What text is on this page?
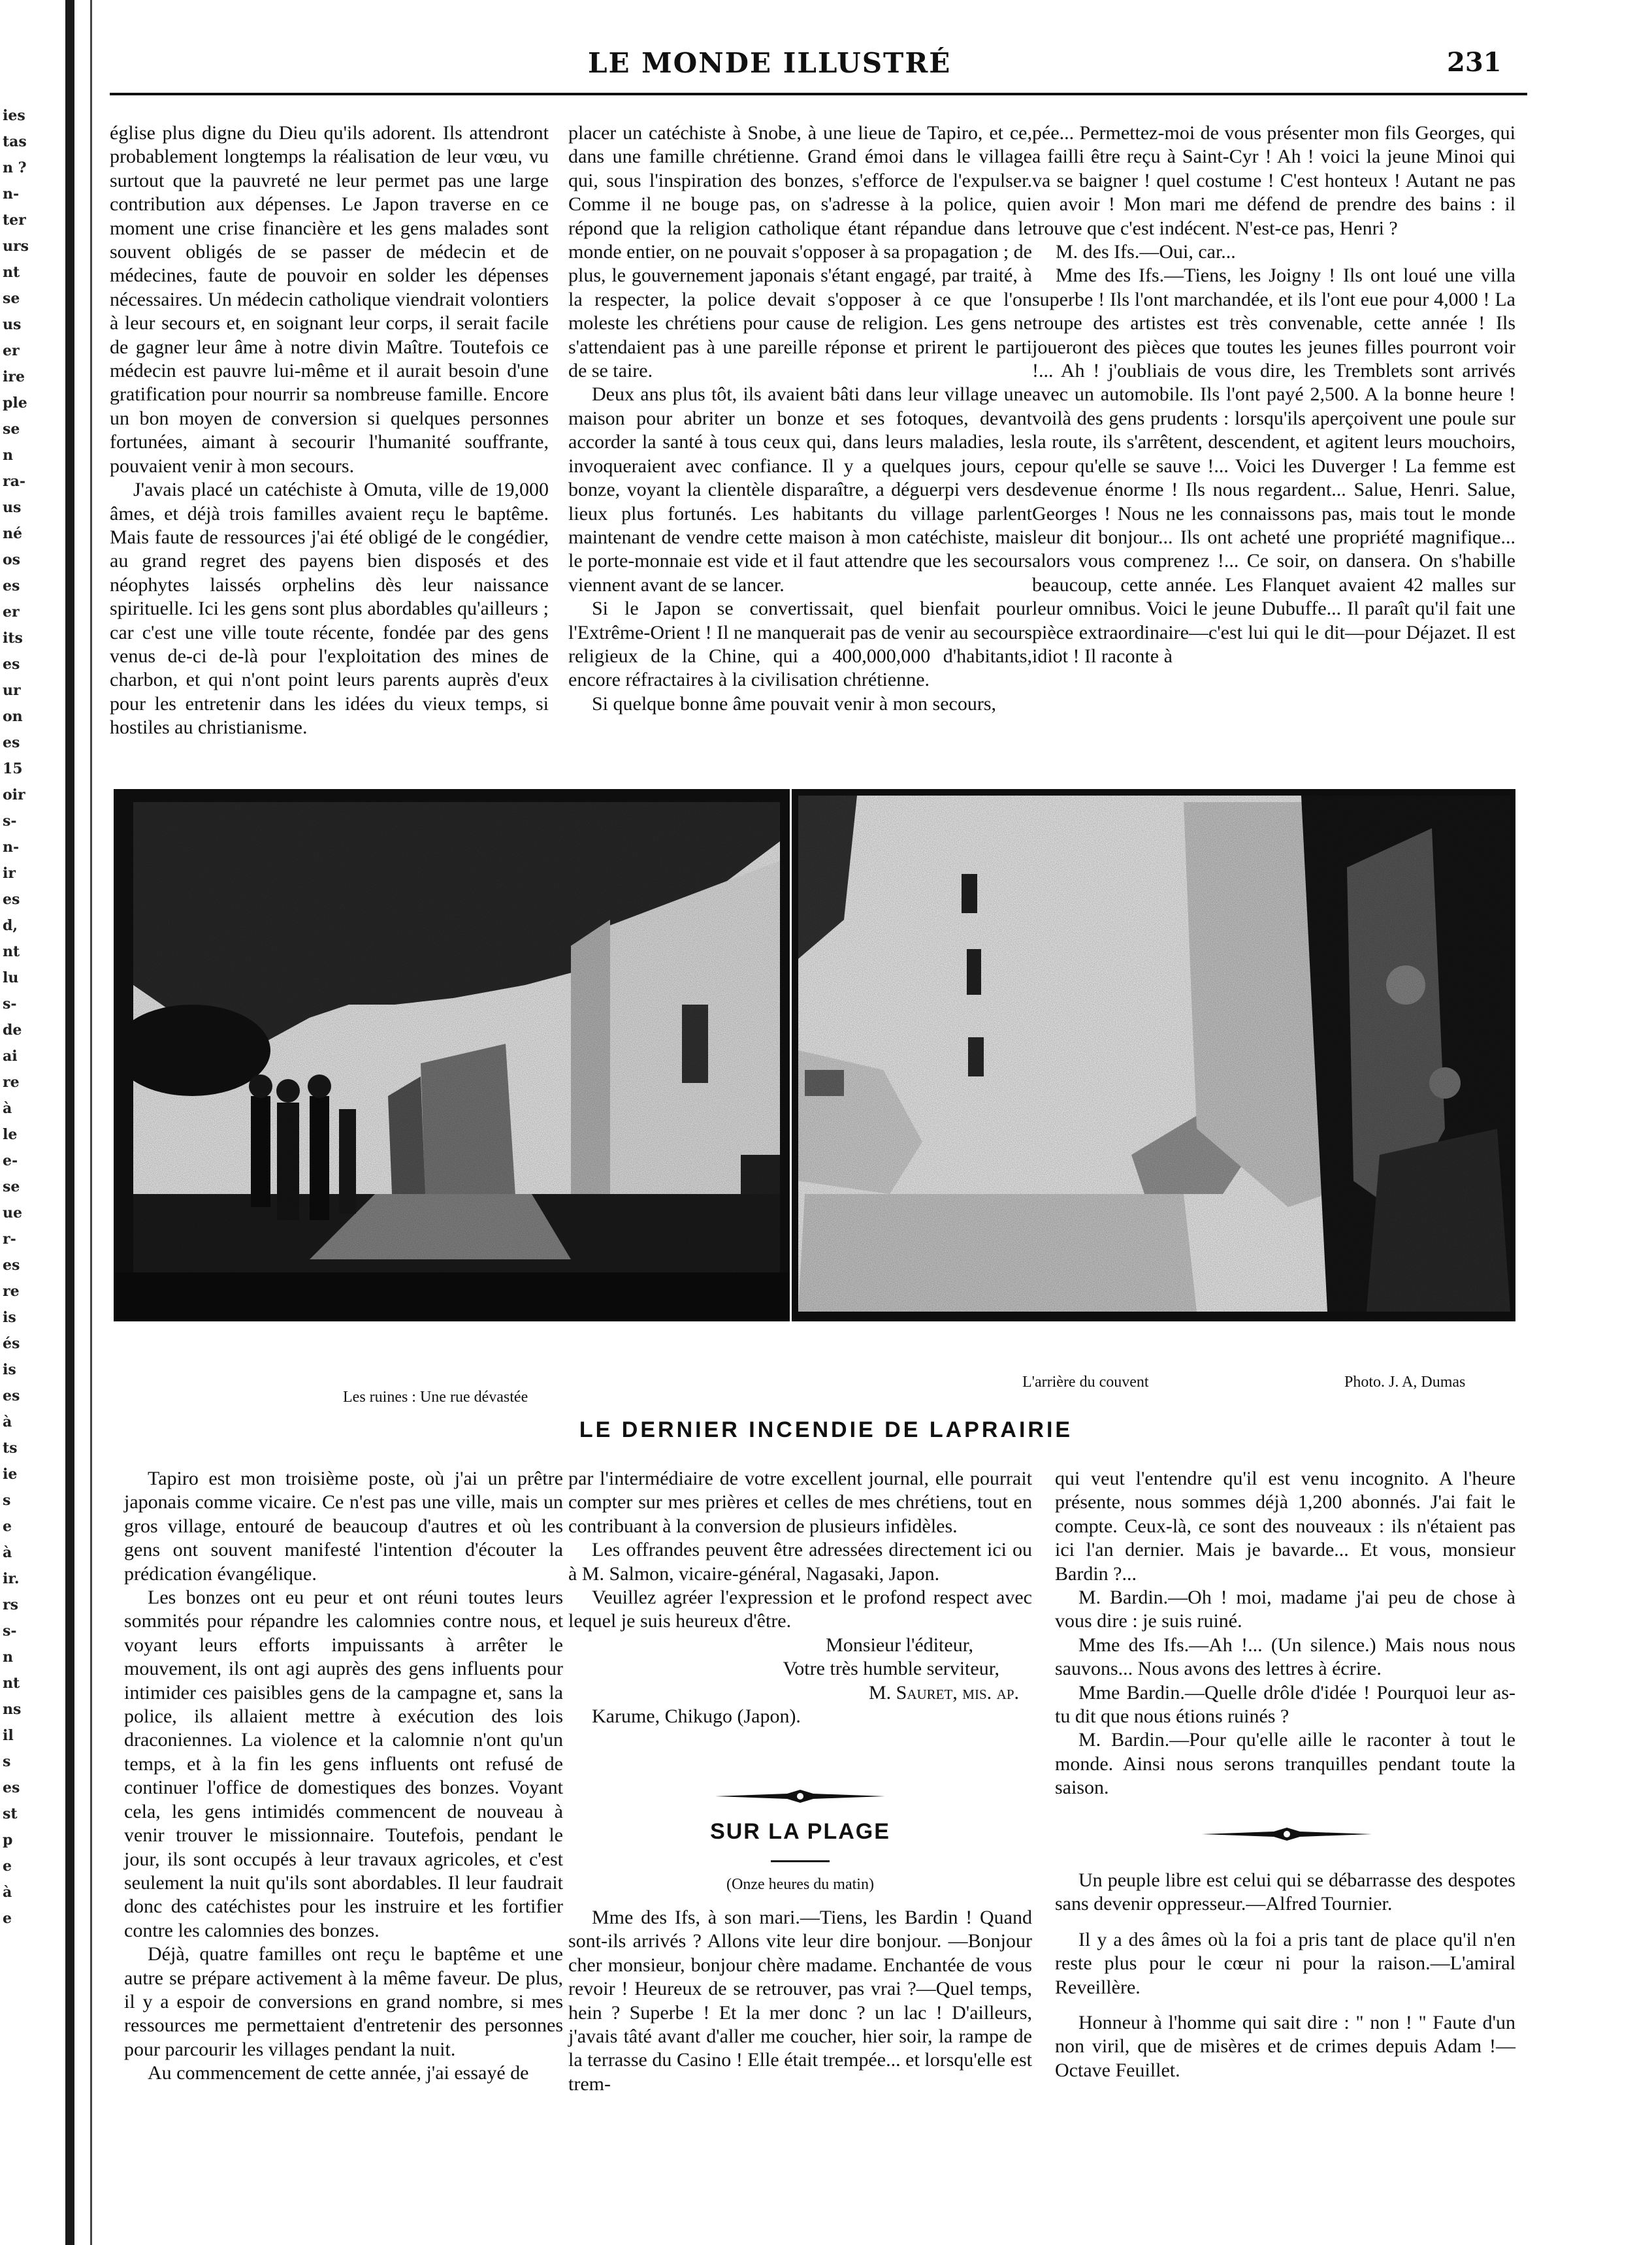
ies
tas
n ?
n-
ter
urs
nt
se
us
er
ire
ple
se
n
ra-
us
né
os
es
er
its
es
ur
on
es
15
oir
s-
n-
ir
es
d,
nt
lu
s-
de
ai
re
à
le
e-
se
ue
r-
es
re
is
és
is
es
à
ts
ie
s
e
à
ir.
rs
s-
n
nt
ns
il
s
es
st
p
e
à
e
LE MONDE ILLUSTRÉ	231

église plus digne du Dieu qu'ils adorent. Ils attendront probablement longtemps la réalisation de leur vœu, vu surtout que la pauvreté ne leur permet pas une large contribution aux dépenses. Le Japon traverse en ce moment une crise financière et les gens malades sont souvent obligés de se passer de médecin et de médecines, faute de pouvoir en solder les dépenses nécessaires. Un médecin catholique viendrait volontiers à leur secours et, en soignant leur corps, il serait facile de gagner leur âme à notre divin Maître. Toutefois ce médecin est pauvre lui-même et il aurait besoin d'une gratification pour nourrir sa nombreuse famille. Encore un bon moyen de conversion si quelques personnes fortunées, aimant à secourir l'humanité souffrante, pouvaient venir à mon secours.

J'avais placé un catéchiste à Omuta, ville de 19,000 âmes, et déjà trois familles avaient reçu le baptême. Mais faute de ressources j'ai été obligé de le congédier, au grand regret des payens bien disposés et des néophytes laissés orphelins dès leur naissance spirituelle. Ici les gens sont plus abordables qu'ailleurs ; car c'est une ville toute récente, fondée par des gens venus de-ci de-là pour l'exploitation des mines de charbon, et qui n'ont point leurs parents auprès d'eux pour les entretenir dans les idées du vieux temps, si hostiles au christianisme.

placer un catéchiste à Snobe, à une lieue de Tapiro, et ce, dans une famille chrétienne. Grand émoi dans le village qui, sous l'inspiration des bonzes, s'efforce de l'expulser. Comme il ne bouge pas, on s'adresse à la police, qui répond que la religion catholique étant répandue dans le monde entier, on ne pouvait s'opposer à sa propagation ; de plus, le gouvernement japonais s'étant engagé, par traité, à la respecter, la police devait s'opposer à ce que l'on moleste les chrétiens pour cause de religion. Les gens ne s'attendaient pas à une pareille réponse et prirent le parti de se taire.

Deux ans plus tôt, ils avaient bâti dans leur village une maison pour abriter un bonze et ses fotoques, devant accorder la santé à tous ceux qui, dans leurs maladies, les invoqueraient avec confiance. Il y a quelques jours, ce bonze, voyant la clientèle disparaître, a déguerpi vers des lieux plus fortunés. Les habitants du village parlent maintenant de vendre cette maison à mon catéchiste, mais le porte-monnaie est vide et il faut attendre que les secours viennent avant de se lancer.

Si le Japon se convertissait, quel bienfait pour l'Extrême-Orient ! Il ne manquerait pas de venir au secours religieux de la Chine, qui a 400,000,000 d'habitants, encore réfractaires à la civilisation chrétienne.

Si quelque bonne âme pouvait venir à mon secours,

pée... Permettez-moi de vous présenter mon fils Georges, qui a failli être reçu à Saint-Cyr ! Ah ! voici la jeune Minoi qui va se baigner ! quel costume ! C'est honteux ! Autant ne pas en avoir ! Mon mari me défend de prendre des bains : il trouve que c'est indécent. N'est-ce pas, Henri ?

M. des Ifs.—Oui, car...

Mme des Ifs.—Tiens, les Joigny ! Ils ont loué une villa superbe ! Ils l'ont marchandée, et ils l'ont eue pour 4,000 ! La troupe des artistes est très convenable, cette année ! Ils joueront des pièces que toutes les jeunes filles pourront voir !... Ah ! j'oubliais de vous dire, les Tremblets sont arrivés avec un automobile. Ils l'ont payé 2,500. A la bonne heure ! voilà des gens prudents : lorsqu'ils aperçoivent une poule sur la route, ils s'arrêtent, descendent, et agitent leurs mouchoirs, pour qu'elle se sauve !... Voici les Duverger ! La femme est devenue énorme ! Ils nous regardent... Salue, Henri. Salue, Georges ! Nous ne les connaissons pas, mais tout le monde leur dit bonjour... Ils ont acheté une propriété magnifique... alors vous comprenez !... Ce soir, on dansera. On s'habille beaucoup, cette année. Les Flanquet avaient 42 malles sur leur omnibus. Voici le jeune Dubuffe... Il paraît qu'il fait une pièce extraordinaire—c'est lui qui le dit—pour Déjazet. Il est idiot ! Il raconte à

Les ruines : Une rue dévastée
L'arrière du couvent	Photo. J. A, Dumas
LE DERNIER INCENDIE DE LAPRAIRIE

Tapiro est mon troisième poste, où j'ai un prêtre japonais comme vicaire. Ce n'est pas une ville, mais un gros village, entouré de beaucoup d'autres et où les gens ont souvent manifesté l'intention d'écouter la prédication évangélique.

Les bonzes ont eu peur et ont réuni toutes leurs sommités pour répandre les calomnies contre nous, et voyant leurs efforts impuissants à arrêter le mouvement, ils ont agi auprès des gens influents pour intimider ces paisibles gens de la campagne et, sans la police, ils allaient mettre à exécution des lois draconiennes. La violence et la calomnie n'ont qu'un temps, et à la fin les gens influents ont refusé de continuer l'office de domestiques des bonzes. Voyant cela, les gens intimidés commencent de nouveau à venir trouver le missionnaire. Toutefois, pendant le jour, ils sont occupés à leur travaux agricoles, et c'est seulement la nuit qu'ils sont abordables. Il leur faudrait donc des catéchistes pour les instruire et les fortifier contre les calomnies des bonzes.

Déjà, quatre familles ont reçu le baptême et une autre se prépare activement à la même faveur. De plus, il y a espoir de conversions en grand nombre, si mes ressources me permettaient d'entretenir des personnes pour parcourir les villages pendant la nuit.

Au commencement de cette année, j'ai essayé de

par l'intermédiaire de votre excellent journal, elle pourrait compter sur mes prières et celles de mes chrétiens, tout en contribuant à la conversion de plusieurs infidèles.

Les offrandes peuvent être adressées directement ici ou à M. Salmon, vicaire-général, Nagasaki, Japon.

Veuillez agréer l'expression et le profond respect avec lequel je suis heureux d'être.

Monsieur l'éditeur,

Votre très humble serviteur,

M. Sauret, mis. ap.

Karume, Chikugo (Japon).

SUR LA PLAGE
(Onze heures du matin)

Mme des Ifs, à son mari.—Tiens, les Bardin ! Quand sont-ils arrivés ? Allons vite leur dire bonjour. —Bonjour cher monsieur, bonjour chère madame. Enchantée de vous revoir ! Heureux de se retrouver, pas vrai ?—Quel temps, hein ? Superbe ! Et la mer donc ? un lac ! D'ailleurs, j'avais tâté avant d'aller me coucher, hier soir, la rampe de la terrasse du Casino ! Elle était trempée... et lorsqu'elle est trem-

qui veut l'entendre qu'il est venu incognito. A l'heure présente, nous sommes déjà 1,200 abonnés. J'ai fait le compte. Ceux-là, ce sont des nouveaux : ils n'étaient pas ici l'an dernier. Mais je bavarde... Et vous, monsieur Bardin ?...

M. Bardin.—Oh ! moi, madame j'ai peu de chose à vous dire : je suis ruiné.

Mme des Ifs.—Ah !... (Un silence.) Mais nous nous sauvons... Nous avons des lettres à écrire.

Mme Bardin.—Quelle drôle d'idée ! Pourquoi leur as-tu dit que nous étions ruinés ?

M. Bardin.—Pour qu'elle aille le raconter à tout le monde. Ainsi nous serons tranquilles pendant toute la saison.

Un peuple libre est celui qui se débarrasse des despotes sans devenir oppresseur.—Alfred Tournier.

Il y a des âmes où la foi a pris tant de place qu'il n'en reste plus pour le cœur ni pour la raison.—L'amiral Reveillère.

Honneur à l'homme qui sait dire : " non ! " Faute d'un non viril, que de misères et de crimes depuis Adam !—Octave Feuillet.
